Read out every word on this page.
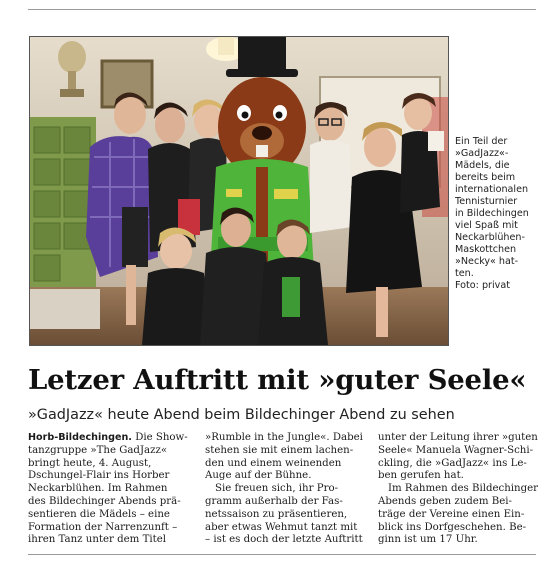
Ein Teil der
»GadJazz«-
Mädels, die
bereits beim
internationalen
Tennisturnier
in Bildechingen
viel Spaß mit
Neckarblühen-
Maskottchen
»Necky« hat-
ten.
Foto: privat
Letzer Auftritt mit »guter Seele«
»GadJazz« heute Abend beim Bildechinger Abend zu sehen
Horb-Bildechingen. Die Show-
tanzgruppe »The GadJazz«
bringt heute, 4. August,
Dschungel-Flair ins Horber
Neckarblühen. Im Rahmen
des Bildechinger Abends prä-
sentieren die Mädels – eine
Formation der Narrenzunft –
ihren Tanz unter dem Titel
»Rumble in the Jungle«. Dabei
stehen sie mit einem lachen-
den und einem weinenden
Auge auf der Bühne.
Sie freuen sich, ihr Pro-
gramm außerhalb der Fas-
netssaison zu präsentieren,
aber etwas Wehmut tanzt mit
– ist es doch der letzte Auftritt
unter der Leitung ihrer »guten
Seele« Manuela Wagner-Schi-
ckling, die »GadJazz« ins Le-
ben gerufen hat.
Im Rahmen des Bildechinger
Abends geben zudem Bei-
träge der Vereine einen Ein-
blick ins Dorfgeschehen. Be-
ginn ist um 17 Uhr.
